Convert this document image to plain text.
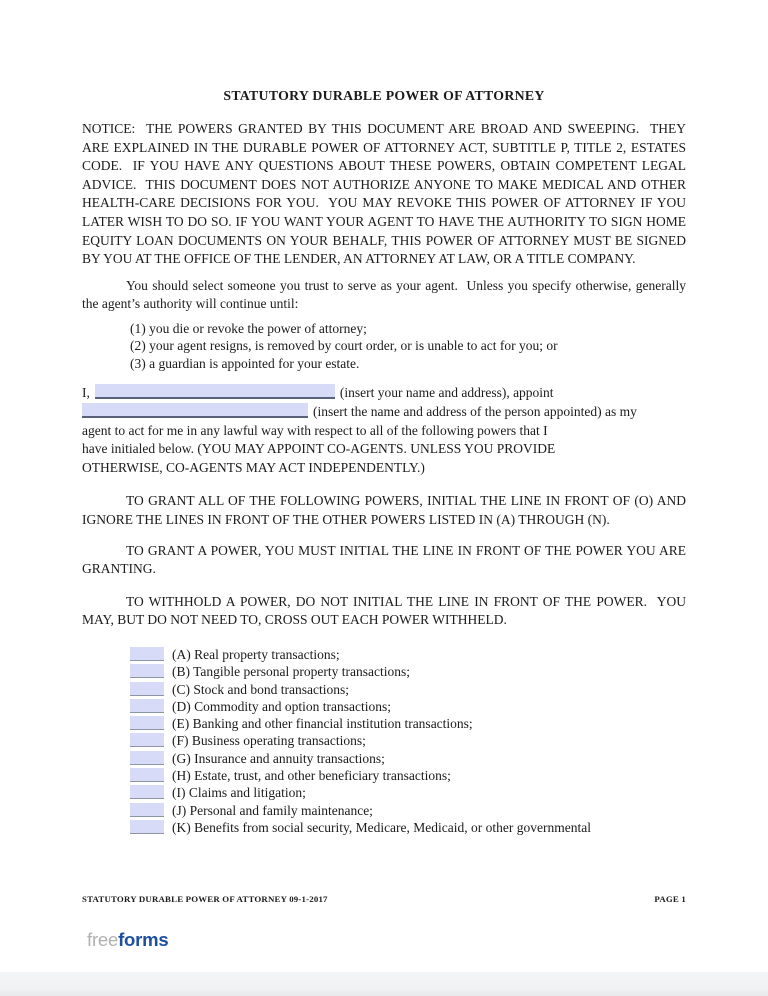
STATUTORY DURABLE POWER OF ATTORNEY

NOTICE:  THE POWERS GRANTED BY THIS DOCUMENT ARE BROAD AND SWEEPING.  THEY ARE EXPLAINED IN THE DURABLE POWER OF ATTORNEY ACT, SUBTITLE P, TITLE 2, ESTATES CODE.  IF YOU HAVE ANY QUESTIONS ABOUT THESE POWERS, OBTAIN COMPETENT LEGAL ADVICE.  THIS DOCUMENT DOES NOT AUTHORIZE ANYONE TO MAKE MEDICAL AND OTHER HEALTH-CARE DECISIONS FOR YOU.  YOU MAY REVOKE THIS POWER OF ATTORNEY IF YOU LATER WISH TO DO SO. IF YOU WANT YOUR AGENT TO HAVE THE AUTHORITY TO SIGN HOME EQUITY LOAN DOCUMENTS ON YOUR BEHALF, THIS POWER OF ATTORNEY MUST BE SIGNED BY YOU AT THE OFFICE OF THE LENDER, AN ATTORNEY AT LAW, OR A TITLE COMPANY.

You should select someone you trust to serve as your agent.  Unless you specify otherwise, generally the agent’s authority will continue until:

(1) you die or revoke the power of attorney;
(2) your agent resigns, is removed by court order, or is unable to act for you; or
(3) a guardian is appointed for your estate.
I,	(insert your name and address), appoint
(insert the name and address of the person appointed) as my
agent to act for me in any lawful way with respect to all of the following powers that I
have initialed below. (YOU MAY APPOINT CO-AGENTS. UNLESS YOU PROVIDE
OTHERWISE, CO-AGENTS MAY ACT INDEPENDENTLY.)

TO GRANT ALL OF THE FOLLOWING POWERS, INITIAL THE LINE IN FRONT OF (O) AND IGNORE THE LINES IN FRONT OF THE OTHER POWERS LISTED IN (A) THROUGH (N).

TO GRANT A POWER, YOU MUST INITIAL THE LINE IN FRONT OF THE POWER YOU ARE GRANTING.

TO WITHHOLD A POWER, DO NOT INITIAL THE LINE IN FRONT OF THE POWER.  YOU MAY, BUT DO NOT NEED TO, CROSS OUT EACH POWER WITHHELD.

(A) Real property transactions;
(B) Tangible personal property transactions;
(C) Stock and bond transactions;
(D) Commodity and option transactions;
(E) Banking and other financial institution transactions;
(F) Business operating transactions;
(G) Insurance and annuity transactions;
(H) Estate, trust, and other beneficiary transactions;
(I) Claims and litigation;
(J) Personal and family maintenance;
(K) Benefits from social security, Medicare, Medicaid, or other governmental
STATUTORY DURABLE POWER OF ATTORNEY 09-1-2017	PAGE 1
freeforms
